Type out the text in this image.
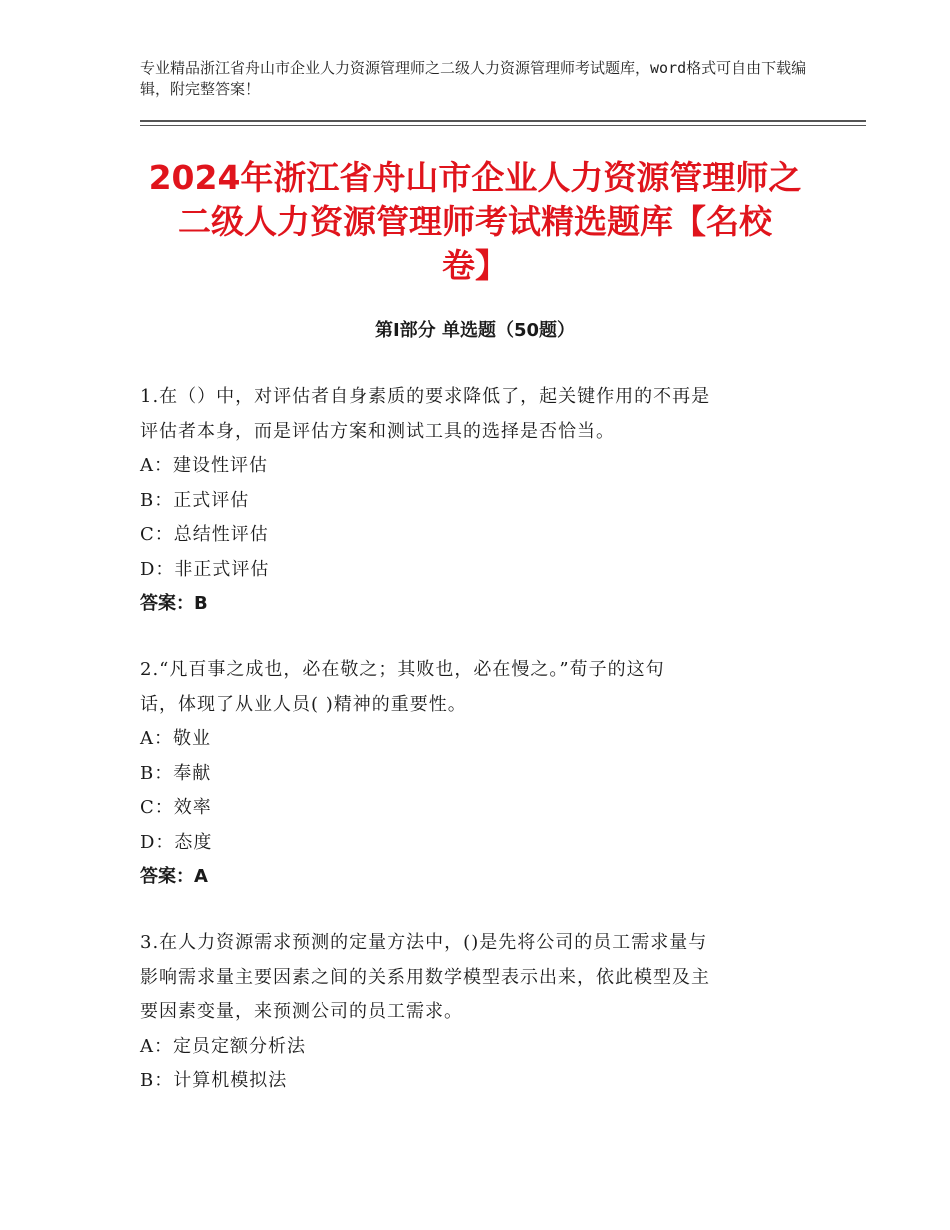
专业精品浙江省舟山市企业人力资源管理师之二级人力资源管理师考试题库，word格式可自由下载编辑，附完整答案！
2024年浙江省舟山市企业人力资源管理师之
二级人力资源管理师考试精选题库【名校
卷】
第Ⅰ部分 单选题（50题）
1.在（）中，对评估者自身素质的要求降低了，起关键作用的不再是
评估者本身，而是评估方案和测试工具的选择是否恰当。
A：建设性评估
B：正式评估
C：总结性评估
D：非正式评估
答案：B
2.“凡百事之成也，必在敬之；其败也，必在慢之。”荀子的这句
话，体现了从业人员( )精神的重要性。
A：敬业
B：奉献
C：效率
D：态度
答案：A
3.在人力资源需求预测的定量方法中，()是先将公司的员工需求量与
影响需求量主要因素之间的关系用数学模型表示出来，依此模型及主
要因素变量，来预测公司的员工需求。
A：定员定额分析法
B：计算机模拟法
